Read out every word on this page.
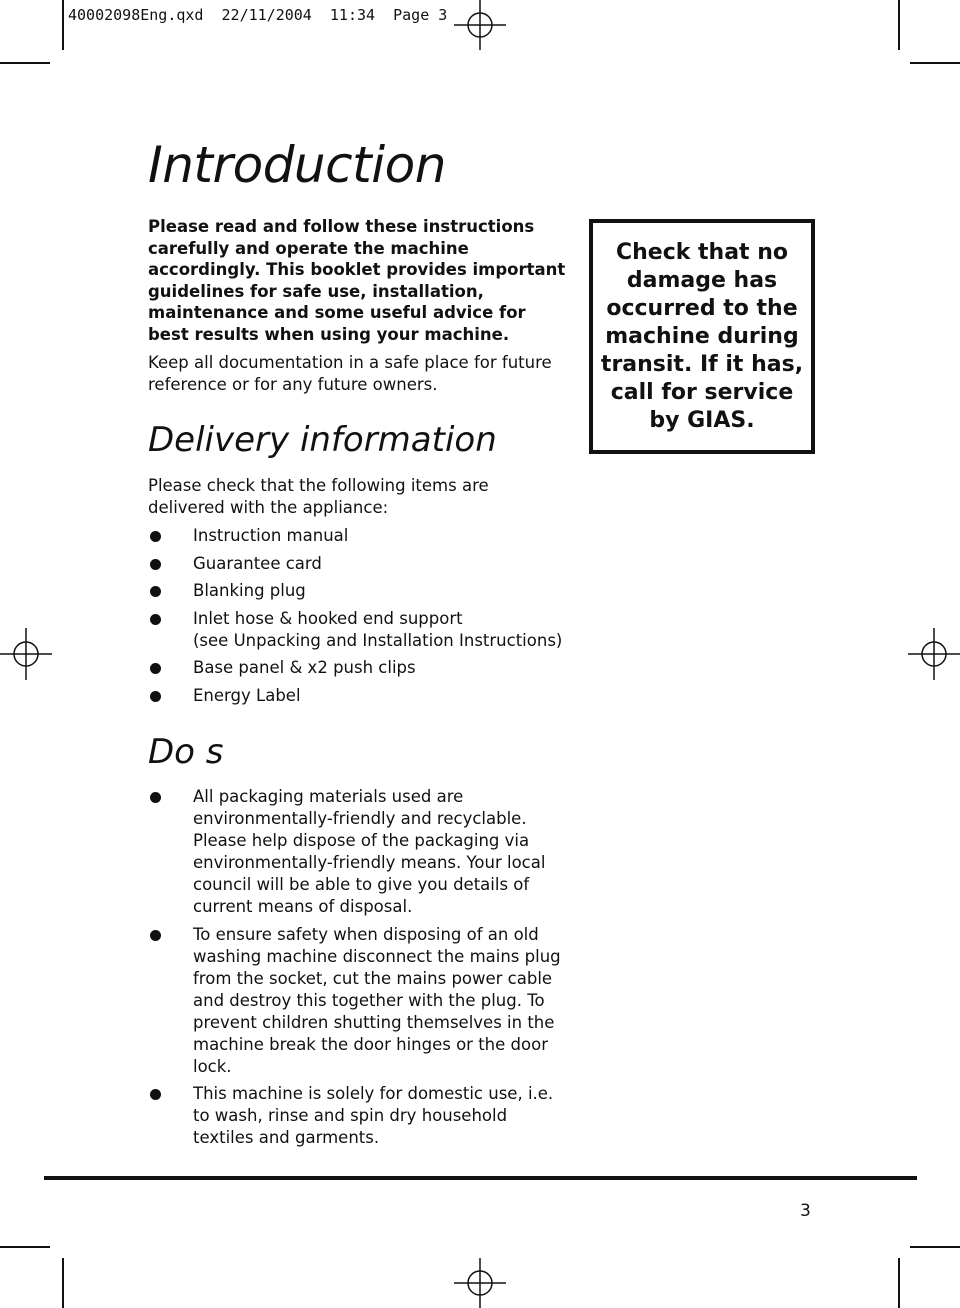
40002098Eng.qxd 22/11/2004 11:34 Page 3
Introduction

Please read and follow these instructions carefully and operate the machine accordingly. This booklet provides important guidelines for safe use, installation, maintenance and some useful advice for best results when using your machine.

Keep all documentation in a safe place for future reference or for any future owners.

Check that no
damage has
occurred to the
machine during
transit. If it has,
call for service
by GIAS.

Delivery information

Please check that the following items are delivered with the appliance:

Instruction manual
Guarantee card
Blanking plug
Inlet hose & hooked end support
(see Unpacking and Installation Instructions)
Base panel & x2 push clips
Energy Label
Do s
All packaging materials used are environmentally-friendly and recyclable. Please help dispose of the packaging via environmentally-friendly means. Your local council will be able to give you details of current means of disposal.
To ensure safety when disposing of an old washing machine disconnect the mains plug from the socket, cut the mains power cable and destroy this together with the plug. To prevent children shutting themselves in the machine break the door hinges or the door lock.
This machine is solely for domestic use, i.e. to wash, rinse and spin dry household textiles and garments.
3
